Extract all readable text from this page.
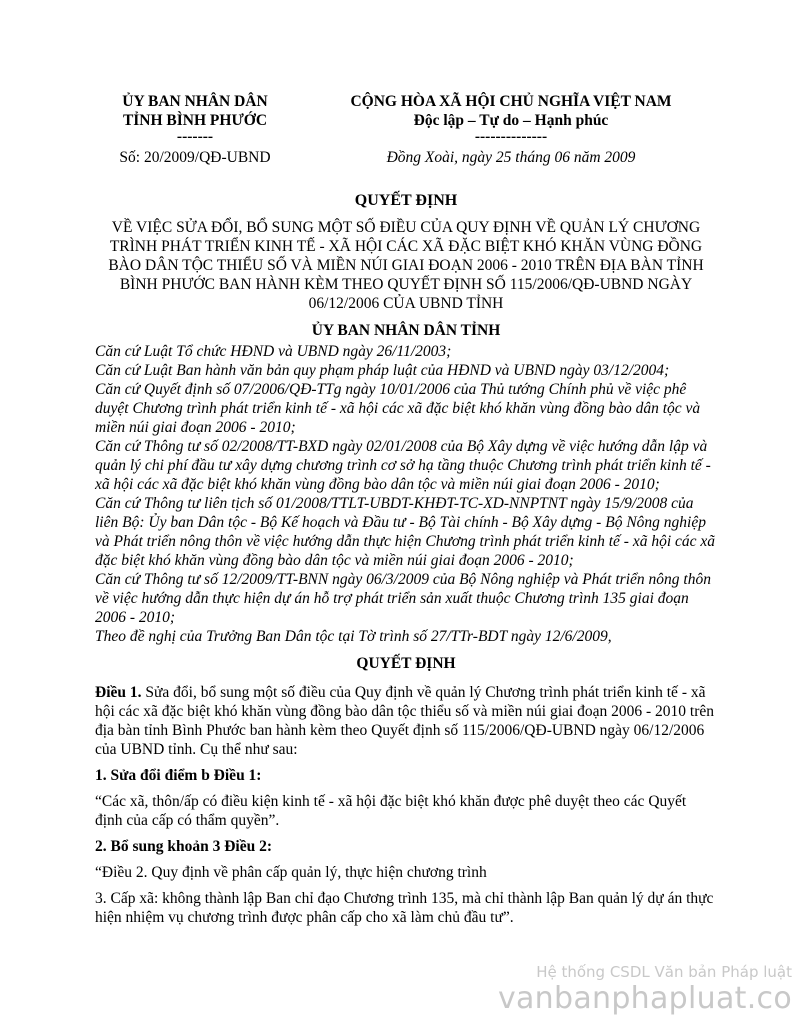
ỦY BAN NHÂN DÂN
TỈNH BÌNH PHƯỚC
-------
Số: 20/2009/QĐ-UBND
CỘNG HÒA XÃ HỘI CHỦ NGHĨA VIỆT NAM
Độc lập – Tự do – Hạnh phúc
--------------
Đồng Xoài, ngày 25 tháng 06 năm 2009

QUYẾT ĐỊNH

VỀ VIỆC SỬA ĐỔI, BỔ SUNG MỘT SỐ ĐIỀU CỦA QUY ĐỊNH VỀ QUẢN LÝ CHƯƠNG TRÌNH PHÁT TRIỂN KINH TẾ - XÃ HỘI CÁC XÃ ĐẶC BIỆT KHÓ KHĂN VÙNG ĐỒNG BÀO DÂN TỘC THIỂU SỐ VÀ MIỀN NÚI GIAI ĐOẠN 2006 - 2010 TRÊN ĐỊA BÀN TỈNH BÌNH PHƯỚC BAN HÀNH KÈM THEO QUYẾT ĐỊNH SỐ 115/2006/QĐ-UBND NGÀY 06/12/2006 CỦA UBND TỈNH

ỦY BAN NHÂN DÂN TỈNH

Căn cứ Luật Tổ chức HĐND và UBND ngày 26/11/2003;

Căn cứ Luật Ban hành văn bản quy phạm pháp luật của HĐND và UBND ngày 03/12/2004;

Căn cứ Quyết định số 07/2006/QĐ-TTg ngày 10/01/2006 của Thủ tướng Chính phủ về việc phê duyệt Chương trình phát triển kinh tế - xã hội các xã đặc biệt khó khăn vùng đồng bào dân tộc và miền núi giai đoạn 2006 - 2010;

Căn cứ Thông tư số 02/2008/TT-BXD ngày 02/01/2008 của Bộ Xây dựng về việc hướng dẫn lập và quản lý chi phí đầu tư xây dựng chương trình cơ sở hạ tầng thuộc Chương trình phát triển kinh tế - xã hội các xã đặc biệt khó khăn vùng đồng bào dân tộc và miền núi giai đoạn 2006 - 2010;

Căn cứ Thông tư liên tịch số 01/2008/TTLT-UBDT-KHĐT-TC-XD-NNPTNT ngày 15/9/2008 của liên Bộ: Ủy ban Dân tộc - Bộ Kế hoạch và Đầu tư - Bộ Tài chính - Bộ Xây dựng - Bộ Nông nghiệp và Phát triển nông thôn về việc hướng dẫn thực hiện Chương trình phát triển kinh tế - xã hội các xã đặc biệt khó khăn vùng đồng bào dân tộc và miền núi giai đoạn 2006 - 2010;

Căn cứ Thông tư số 12/2009/TT-BNN ngày 06/3/2009 của Bộ Nông nghiệp và Phát triển nông thôn về việc hướng dẫn thực hiện dự án hỗ trợ phát triển sản xuất thuộc Chương trình 135 giai đoạn 2006 - 2010;

Theo đề nghị của Trưởng Ban Dân tộc tại Tờ trình số 27/TTr-BDT ngày 12/6/2009,

QUYẾT ĐỊNH

Điều 1. Sửa đổi, bổ sung một số điều của Quy định về quản lý Chương trình phát triển kinh tế - xã hội các xã đặc biệt khó khăn vùng đồng bào dân tộc thiểu số và miền núi giai đoạn 2006 - 2010 trên địa bàn tỉnh Bình Phước ban hành kèm theo Quyết định số 115/2006/QĐ-UBND ngày 06/12/2006 của UBND tỉnh. Cụ thể như sau:

1. Sửa đổi điểm b Điều 1:

“Các xã, thôn/ấp có điều kiện kinh tế - xã hội đặc biệt khó khăn được phê duyệt theo các Quyết định của cấp có thẩm quyền”.

2. Bổ sung khoản 3 Điều 2:

“Điều 2. Quy định về phân cấp quản lý, thực hiện chương trình

3. Cấp xã: không thành lập Ban chỉ đạo Chương trình 135, mà chỉ thành lập Ban quản lý dự án thực hiện nhiệm vụ chương trình được phân cấp cho xã làm chủ đầu tư”.

Hệ thống CSDL Văn bản Pháp luật
vanbanphapluat.co
